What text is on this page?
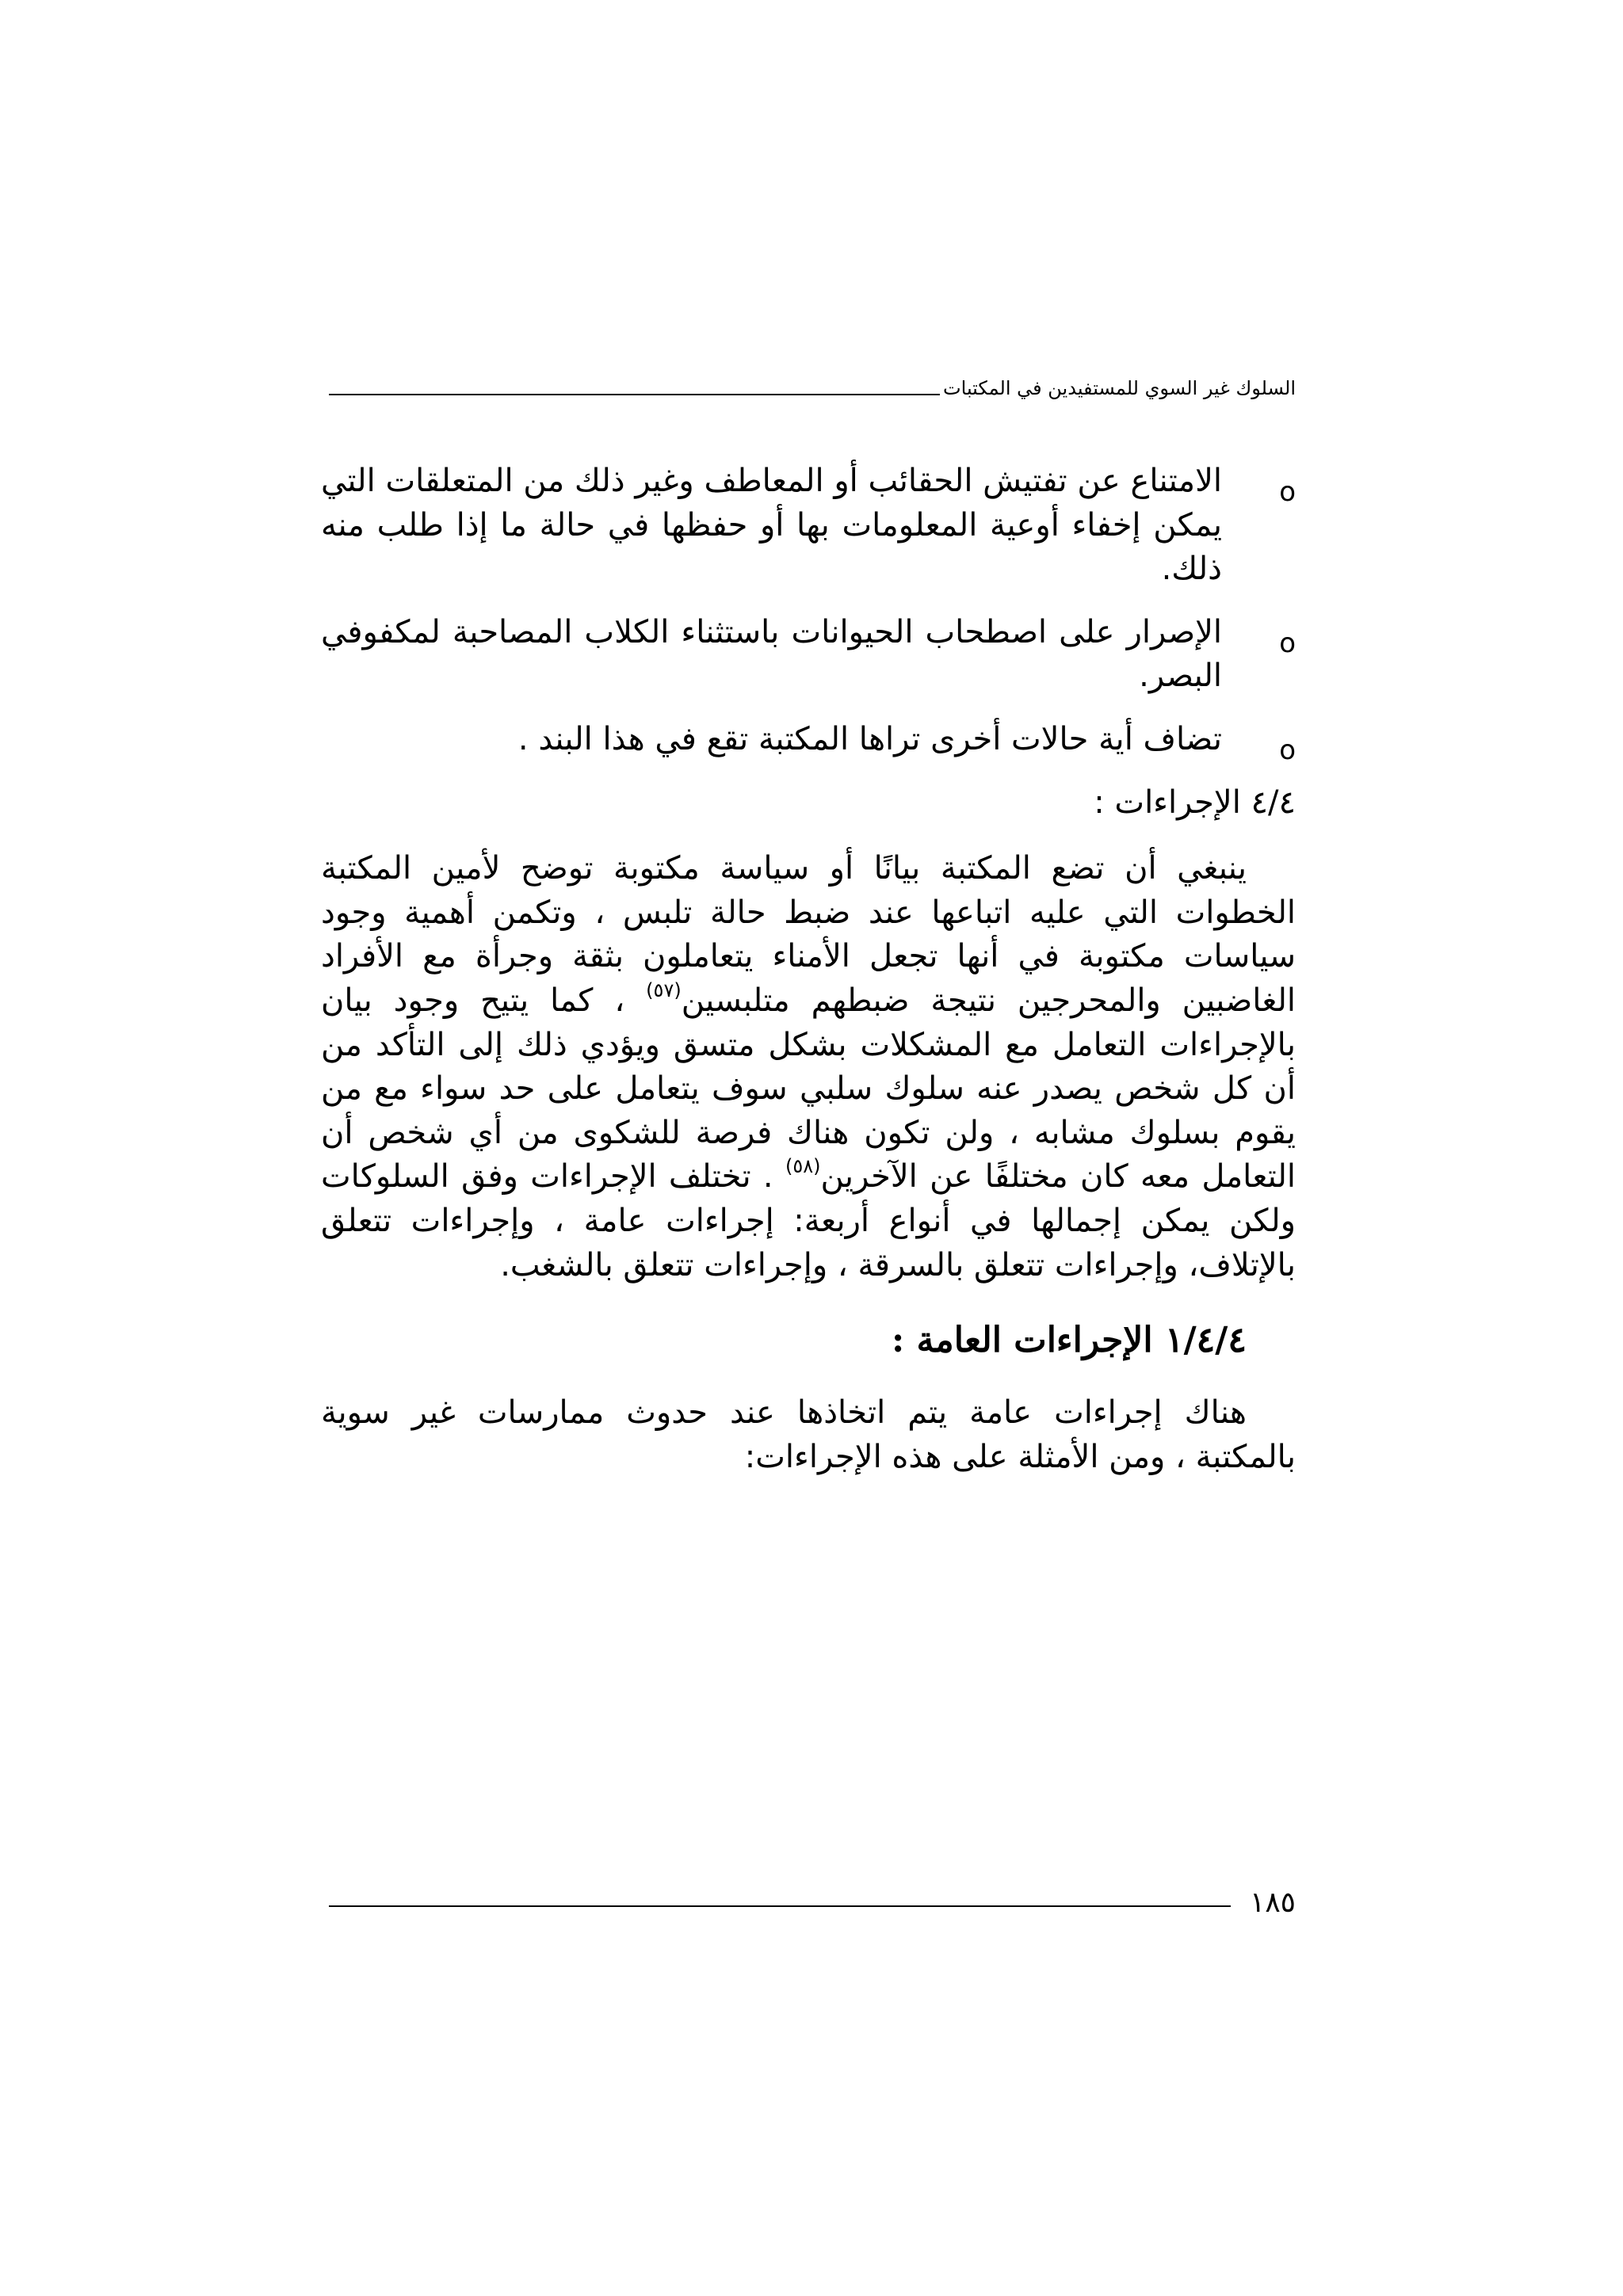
السلوك غير السوي للمستفيدين في المكتبات
o
الامتناع عن تفتيش الحقائب أو المعاطف وغير ذلك من المتعلقات التي يمكن إخفاء أوعية المعلومات بها أو حفظها في حالة ما إذا طلب منه ذلك.
o
الإصرار على اصطحاب الحيوانات باستثناء الكلاب المصاحبة لمكفوفي البصر.
o
تضاف أية حالات أخرى تراها المكتبة تقع في هذا البند .

٤/٤ الإجراءات :

ينبغي أن تضع المكتبة بيانًا أو سياسة مكتوبة توضح لأمين المكتبة الخطوات التي عليه اتباعها عند ضبط حالة تلبس ، وتكمن أهمية وجود سياسات مكتوبة في أنها تجعل الأمناء يتعاملون بثقة وجرأة مع الأفراد الغاضبين والمحرجين نتيجة ضبطهم متلبسين$^{(٥٧)}$ ، كما يتيح وجود بيان بالإجراءات التعامل مع المشكلات بشكل متسق ويؤدي ذلك إلى التأكد من أن كل شخص يصدر عنه سلوك سلبي سوف يتعامل على حد سواء مع من يقوم بسلوك مشابه ، ولن تكون هناك فرصة للشكوى من أي شخص أن التعامل معه كان مختلفًا عن الآخرين$^{(٥٨)}$ . تختلف الإجراءات وفق السلوكات ولكن يمكن إجمالها في أنواع أربعة: إجراءات عامة ، وإجراءات تتعلق بالإتلاف، وإجراءات تتعلق بالسرقة ، وإجراءات تتعلق بالشغب.

١/٤/٤ الإجراءات العامة :

هناك إجراءات عامة يتم اتخاذها عند حدوث ممارسات غير سوية بالمكتبة ، ومن الأمثلة على هذه الإجراءات:

١٨٥
